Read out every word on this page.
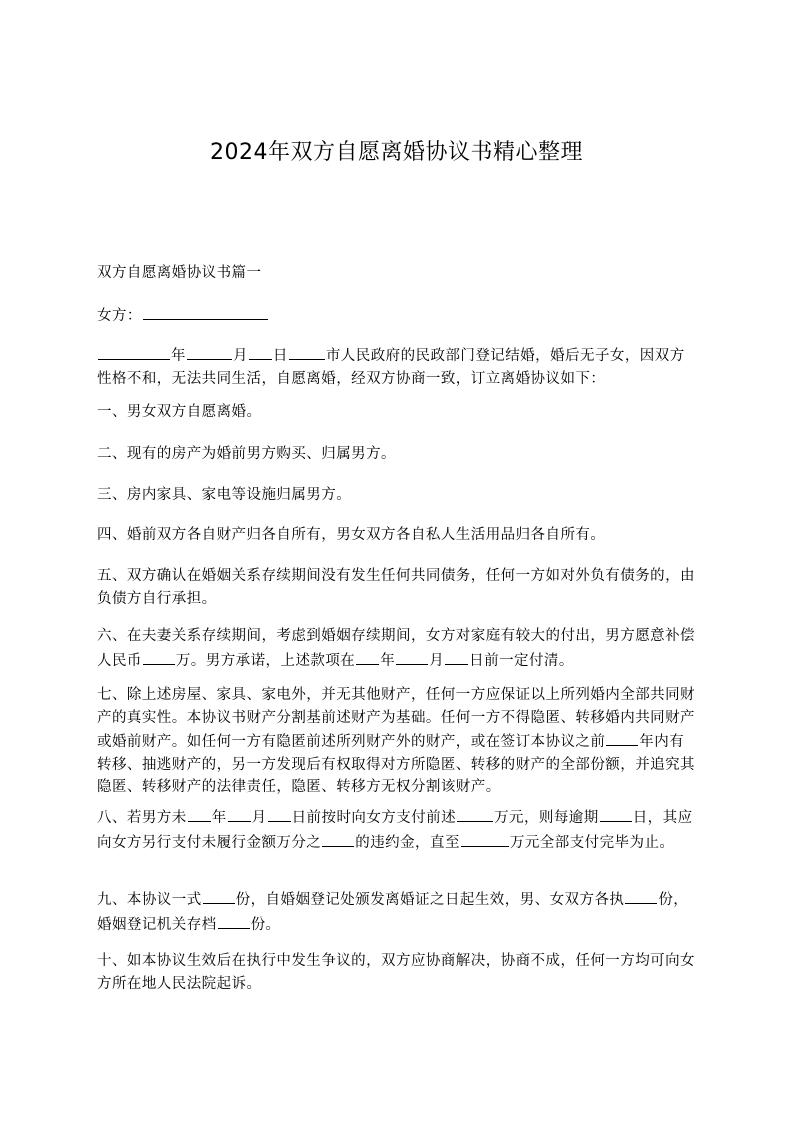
2024年双方自愿离婚协议书精心整理
双方自愿离婚协议书篇一
女方：
年	月 日	市人民政府的民政部门登记结婚，婚后无子女，因双方性格不和，无法共同生活，自愿离婚，经双方协商一致，订立离婚协议如下：
一、男女双方自愿离婚。
二、现有的房产为婚前男方购买、归属男方。
三、房内家具、家电等设施归属男方。
四、婚前双方各自财产归各自所有，男女双方各自私人生活用品归各自所有。
五、双方确认在婚姻关系存续期间没有发生任何共同债务，任何一方如对外负有债务的，由负债方自行承担。
六、在夫妻关系存续期间，考虑到婚姻存续期间，女方对家庭有较大的付出，男方愿意补偿人民币 万。男方承诺，上述款项在 年 月 日前一定付清。
七、除上述房屋、家具、家电外，并无其他财产，任何一方应保证以上所列婚内全部共同财产的真实性。本协议书财产分割基前述财产为基础。任何一方不得隐匿、转移婚内共同财产或婚前财产。如任何一方有隐匿前述所列财产外的财产，或在签订本协议之前 年内有转移、抽逃财产的，另一方发现后有权取得对方所隐匿、转移的财产的全部份额，并追究其隐匿、转移财产的法律责任，隐匿、转移方无权分割该财产。
八、若男方未 年 月 日前按时向女方支付前述	万元，则每逾期 日，其应向女方另行支付未履行金额万分之 的违约金，直至	万元全部支付完毕为止。
九、本协议一式 份，自婚姻登记处颁发离婚证之日起生效，男、女双方各执 份，婚姻登记机关存档 份。
十、如本协议生效后在执行中发生争议的，双方应协商解决，协商不成，任何一方均可向女方所在地人民法院起诉。
